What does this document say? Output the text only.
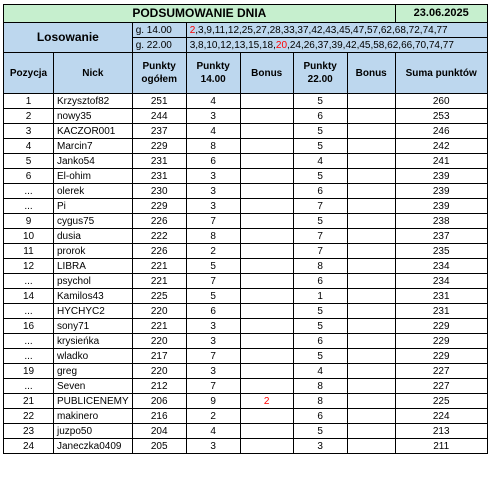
PODSUMOWANIE DNIA							23.06.2025
Losowanie		g. 14.00	2,3,9,11,12,25,27,28,33,37,42,43,45,47,57,62,68,72,74,77				
		g. 22.00	3,8,10,12,13,15,18,20,24,26,37,39,42,45,58,62,66,70,74,77				
Pozycja	Nick	Punkty ogółem	Punkty 14.00	Bonus	Punkty 22.00	Bonus	Suma punktów
1	Krzysztof82	251	4		5		260
2	nowy35	244	3		6		253
3	KACZOR001	237	4		5		246
4	Marcin7	229	8		5		242
5	Janko54	231	6		4		241
6	El-ohim	231	3		5		239
...	olerek	230	3		6		239
...	Pi	229	3		7		239
9	cygus75	226	7		5		238
10	dusia	222	8		7		237
11	prorok	226	2		7		235
12	LIBRA	221	5		8		234
...	psychol	221	7		6		234
14	Kamilos43	225	5		1		231
...	HYCHYC2	220	6		5		231
16	sony71	221	3		5		229
...	krysieńka	220	3		6		229
...	wladko	217	7		5		229
19	greg	220	3		4		227
...	Seven	212	7		8		227
21	PUBLICENEMY	206	9	2	8		225
22	makinero	216	2		6		224
23	juzpo50	204	4		5		213
24	Janeczka0409	205	3		3		211
